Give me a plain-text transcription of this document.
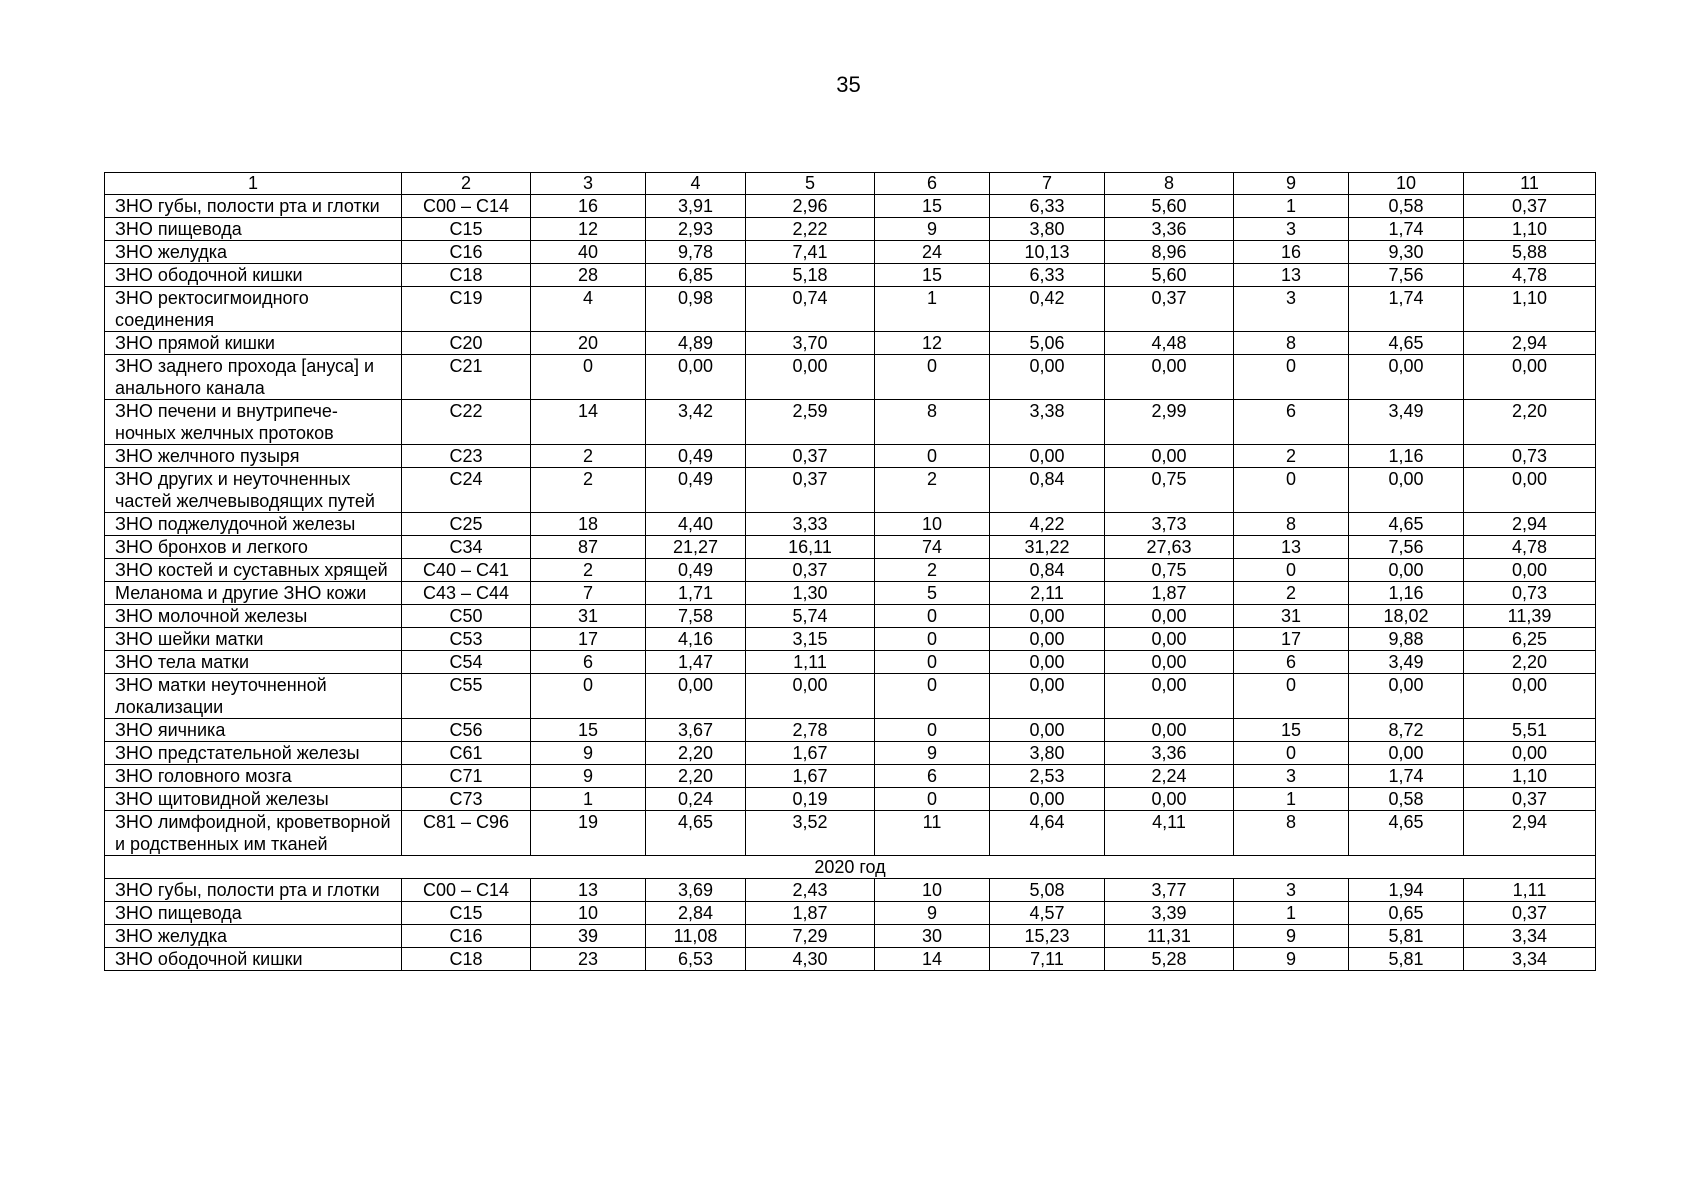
35
1	2	3	4	5	6	7	8	9	10	11
ЗНО губы, полости рта и глотки	С00 – С14	16	3,91	2,96	15	6,33	5,60	1	0,58	0,37
ЗНО пищевода	С15	12	2,93	2,22	9	3,80	3,36	3	1,74	1,10
ЗНО желудка	С16	40	9,78	7,41	24	10,13	8,96	16	9,30	5,88
ЗНО ободочной кишки	С18	28	6,85	5,18	15	6,33	5,60	13	7,56	4,78
ЗНО ректосигмоидного соединения	С19	4	0,98	0,74	1	0,42	0,37	3	1,74	1,10
ЗНО прямой кишки	С20	20	4,89	3,70	12	5,06	4,48	8	4,65	2,94
ЗНО заднего прохода [ануса] и анального канала	С21	0	0,00	0,00	0	0,00	0,00	0	0,00	0,00
ЗНО печени и внутрипече-ночных желчных протоков	С22	14	3,42	2,59	8	3,38	2,99	6	3,49	2,20
ЗНО желчного пузыря	С23	2	0,49	0,37	0	0,00	0,00	2	1,16	0,73
ЗНО других и неуточненных частей желчевыводящих путей	С24	2	0,49	0,37	2	0,84	0,75	0	0,00	0,00
ЗНО поджелудочной железы	С25	18	4,40	3,33	10	4,22	3,73	8	4,65	2,94
ЗНО бронхов и легкого	С34	87	21,27	16,11	74	31,22	27,63	13	7,56	4,78
ЗНО костей и суставных хрящей	С40 – С41	2	0,49	0,37	2	0,84	0,75	0	0,00	0,00
Меланома и другие ЗНО кожи	С43 – С44	7	1,71	1,30	5	2,11	1,87	2	1,16	0,73
ЗНО молочной железы	С50	31	7,58	5,74	0	0,00	0,00	31	18,02	11,39
ЗНО шейки матки	С53	17	4,16	3,15	0	0,00	0,00	17	9,88	6,25
ЗНО тела матки	С54	6	1,47	1,11	0	0,00	0,00	6	3,49	2,20
ЗНО матки неуточненной локализации	С55	0	0,00	0,00	0	0,00	0,00	0	0,00	0,00
ЗНО яичника	С56	15	3,67	2,78	0	0,00	0,00	15	8,72	5,51
ЗНО предстательной железы	С61	9	2,20	1,67	9	3,80	3,36	0	0,00	0,00
ЗНО головного мозга	С71	9	2,20	1,67	6	2,53	2,24	3	1,74	1,10
ЗНО щитовидной железы	С73	1	0,24	0,19	0	0,00	0,00	1	0,58	0,37
ЗНО лимфоидной, кроветворной и родственных им тканей	С81 – С96	19	4,65	3,52	11	4,64	4,11	8	4,65	2,94
2020 год										
ЗНО губы, полости рта и глотки	С00 – С14	13	3,69	2,43	10	5,08	3,77	3	1,94	1,11
ЗНО пищевода	С15	10	2,84	1,87	9	4,57	3,39	1	0,65	0,37
ЗНО желудка	С16	39	11,08	7,29	30	15,23	11,31	9	5,81	3,34
ЗНО ободочной кишки	С18	23	6,53	4,30	14	7,11	5,28	9	5,81	3,34
